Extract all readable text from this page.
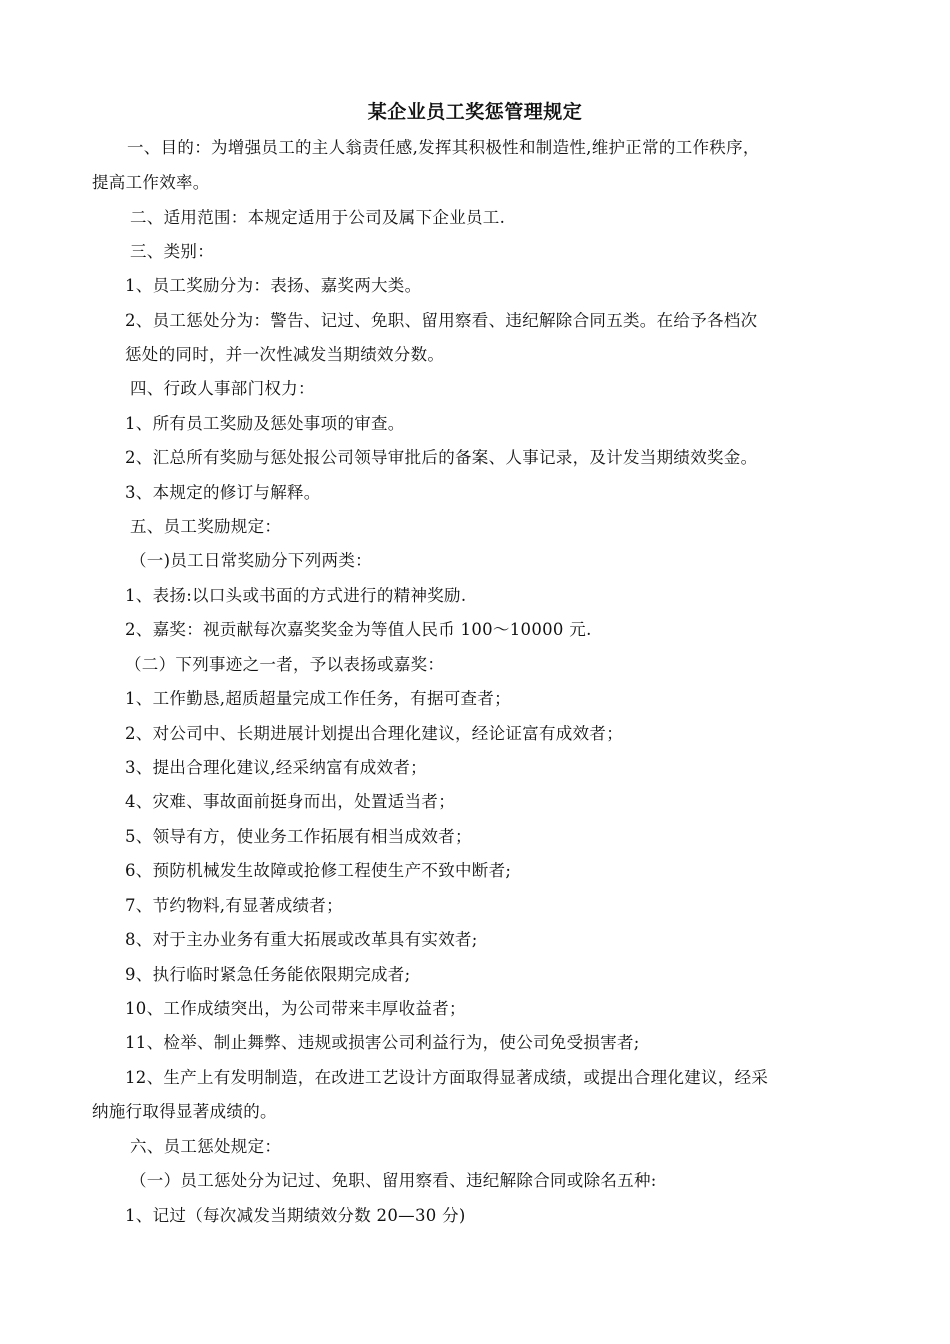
某企业员工奖惩管理规定
一、目的：为增强员工的主人翁责任感,发挥其积极性和制造性,维护正常的工作秩序，
提高工作效率。
二、适用范围：本规定适用于公司及属下企业员工.
三、类别：
1、员工奖励分为：表扬、嘉奖两大类。
2、员工惩处分为：警告、记过、免职、留用察看、违纪解除合同五类。在给予各档次
惩处的同时，并一次性减发当期绩效分数。
四、行政人事部门权力：
1、所有员工奖励及惩处事项的审查。
2、汇总所有奖励与惩处报公司领导审批后的备案、人事记录，及计发当期绩效奖金。
3、本规定的修订与解释。
五、员工奖励规定：
（一)员工日常奖励分下列两类：
1、表扬:以口头或书面的方式进行的精神奖励.
2、嘉奖：视贡献每次嘉奖奖金为等值人民币 100～10000 元.
（二）下列事迹之一者，予以表扬或嘉奖：
1、工作勤恳,超质超量完成工作任务，有据可查者；
2、对公司中、长期进展计划提出合理化建议，经论证富有成效者；
3、提出合理化建议,经采纳富有成效者；
4、灾难、事故面前挺身而出，处置适当者；
5、领导有方，使业务工作拓展有相当成效者；
6、预防机械发生故障或抢修工程使生产不致中断者;
7、节约物料,有显著成绩者；
8、对于主办业务有重大拓展或改革具有实效者;
9、执行临时紧急任务能依限期完成者;
10、工作成绩突出，为公司带来丰厚收益者；
11、检举、制止舞弊、违规或损害公司利益行为，使公司免受损害者;
12、生产上有发明制造，在改进工艺设计方面取得显著成绩，或提出合理化建议，经采
纳施行取得显著成绩的。
六、员工惩处规定：
（一）员工惩处分为记过、免职、留用察看、违纪解除合同或除名五种:
1、记过（每次减发当期绩效分数 20—30 分)
